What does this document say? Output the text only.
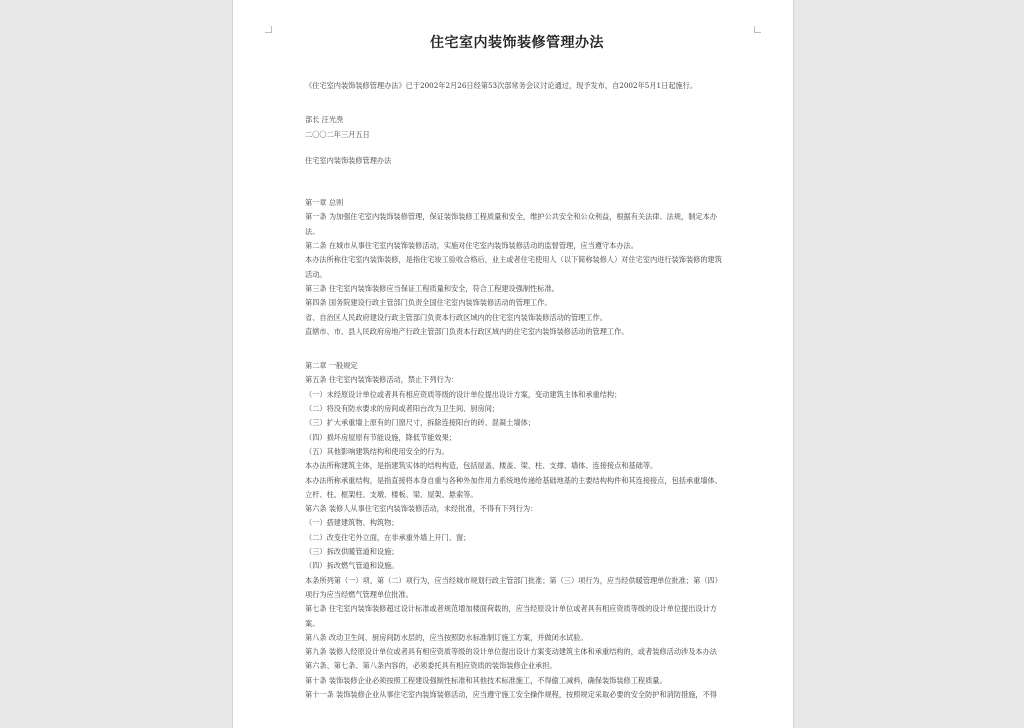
住宅室内装饰装修管理办法
《住宅室内装饰装修管理办法》已于2002年2月26日经第53次部常务会议讨论通过，现予发布，自2002年5月1日起施行。
部长 汪光焘
二〇〇二年三月五日
住宅室内装饰装修管理办法
第一章 总则
第一条 为加强住宅室内装饰装修管理，保证装饰装修工程质量和安全，维护公共安全和公众利益，根据有关法律、法规，制定本办
法。
第二条 在城市从事住宅室内装饰装修活动，实施对住宅室内装饰装修活动的监督管理，应当遵守本办法。
本办法所称住宅室内装饰装修，是指住宅竣工验收合格后，业主或者住宅使用人（以下简称装修人）对住宅室内进行装饰装修的建筑
活动。
第三条 住宅室内装饰装修应当保证工程质量和安全，符合工程建设强制性标准。
第四条 国务院建设行政主管部门负责全国住宅室内装饰装修活动的管理工作。
省、自治区人民政府建设行政主管部门负责本行政区域内的住宅室内装饰装修活动的管理工作。
直辖市、市、县人民政府房地产行政主管部门负责本行政区域内的住宅室内装饰装修活动的管理工作。
第二章 一般规定
第五条 住宅室内装饰装修活动，禁止下列行为：
（一）未经原设计单位或者具有相应资质等级的设计单位提出设计方案，变动建筑主体和承重结构；
（二）将没有防水要求的房间或者阳台改为卫生间、厨房间；
（三）扩大承重墙上原有的门窗尺寸，拆除连接阳台的砖、混凝土墙体；
（四）损坏房屋原有节能设施，降低节能效果；
（五）其他影响建筑结构和使用安全的行为。
本办法所称建筑主体，是指建筑实体的结构构造，包括屋盖、楼盖、梁、柱、支撑、墙体、连接接点和基础等。
本办法所称承重结构，是指直接将本身自重与各种外加作用力系统地传递给基础地基的主要结构构件和其连接接点，包括承重墙体、
立杆、柱、框架柱、支墩、楼板、梁、屋架、悬索等。
第六条 装修人从事住宅室内装饰装修活动，未经批准，不得有下列行为：
（一）搭建建筑物、构筑物；
（二）改变住宅外立面，在非承重外墙上开门、窗；
（三）拆改供暖管道和设施；
（四）拆改燃气管道和设施。
本条所列第（一）项、第（二）项行为，应当经城市规划行政主管部门批准；第（三）项行为，应当经供暖管理单位批准；第（四）
项行为应当经燃气管理单位批准。
第七条 住宅室内装饰装修超过设计标准或者规范增加楼面荷载的，应当经原设计单位或者具有相应资质等级的设计单位提出设计方
案。
第八条 改动卫生间、厨房间防水层的，应当按照防水标准制订施工方案，并做闭水试验。
第九条 装修人经原设计单位或者具有相应资质等级的设计单位提出设计方案变动建筑主体和承重结构的，或者装修活动涉及本办法
第六条、第七条、第八条内容的，必须委托具有相应资质的装饰装修企业承担。
第十条 装饰装修企业必须按照工程建设强制性标准和其他技术标准施工，不得偷工减料，确保装饰装修工程质量。
第十一条 装饰装修企业从事住宅室内装饰装修活动，应当遵守施工安全操作规程，按照规定采取必要的安全防护和消防措施，不得
